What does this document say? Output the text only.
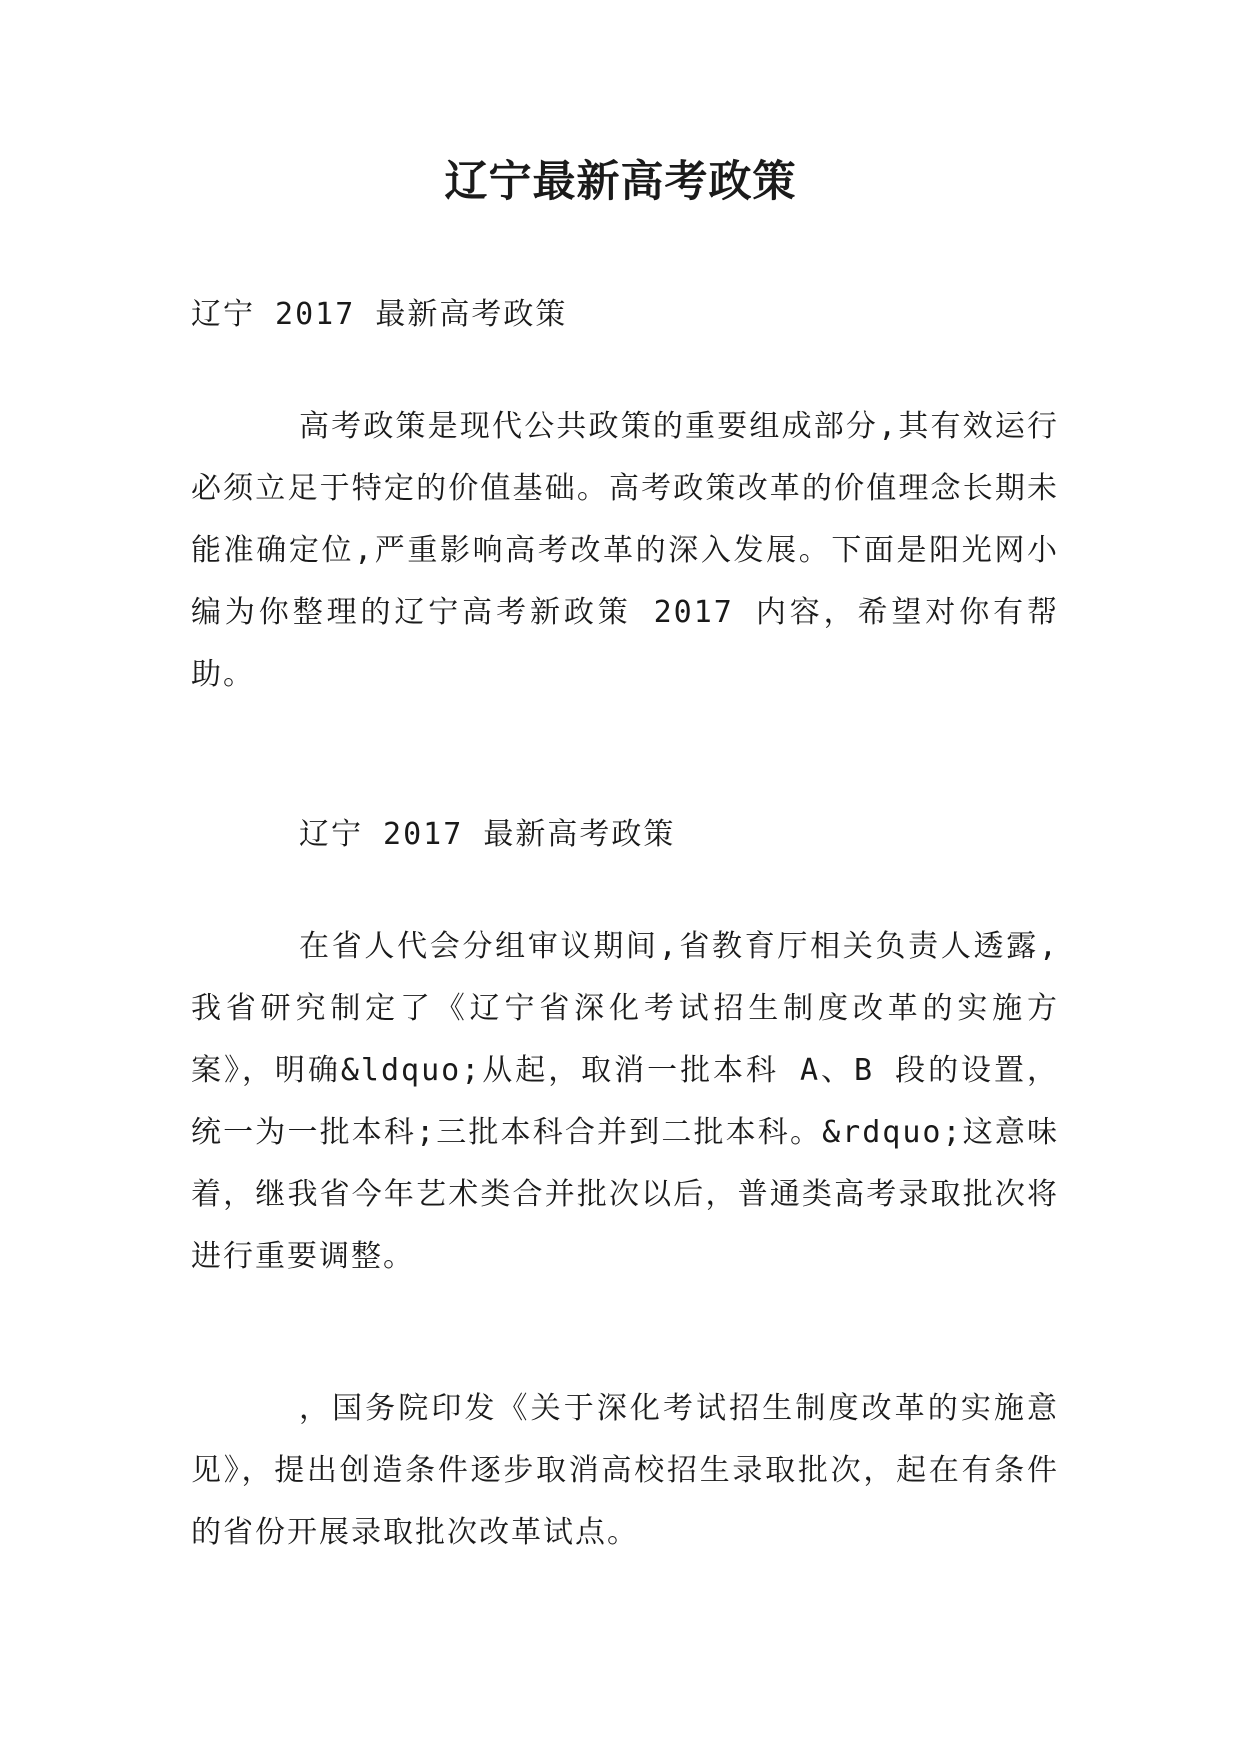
辽宁最新高考政策

辽宁 2017 最新高考政策

高考政策是现代公共政策的重要组成部分,其有效运行必须立足于特定的价值基础。高考政策改革的价值理念长期未能准确定位,严重影响高考改革的深入发展。下面是阳光网小编为你整理的辽宁高考新政策 2017 内容，希望对你有帮助。

辽宁 2017 最新高考政策

在省人代会分组审议期间,省教育厅相关负责人透露,我省研究制定了《辽宁省深化考试招生制度改革的实施方案》，明确&ldquo;从起，取消一批本科 A、B 段的设置，统一为一批本科;三批本科合并到二批本科。&rdquo;这意味着，继我省今年艺术类合并批次以后，普通类高考录取批次将进行重要调整。

，国务院印发《关于深化考试招生制度改革的实施意见》，提出创造条件逐步取消高校招生录取批次，起在有条件的省份开展录取批次改革试点。
